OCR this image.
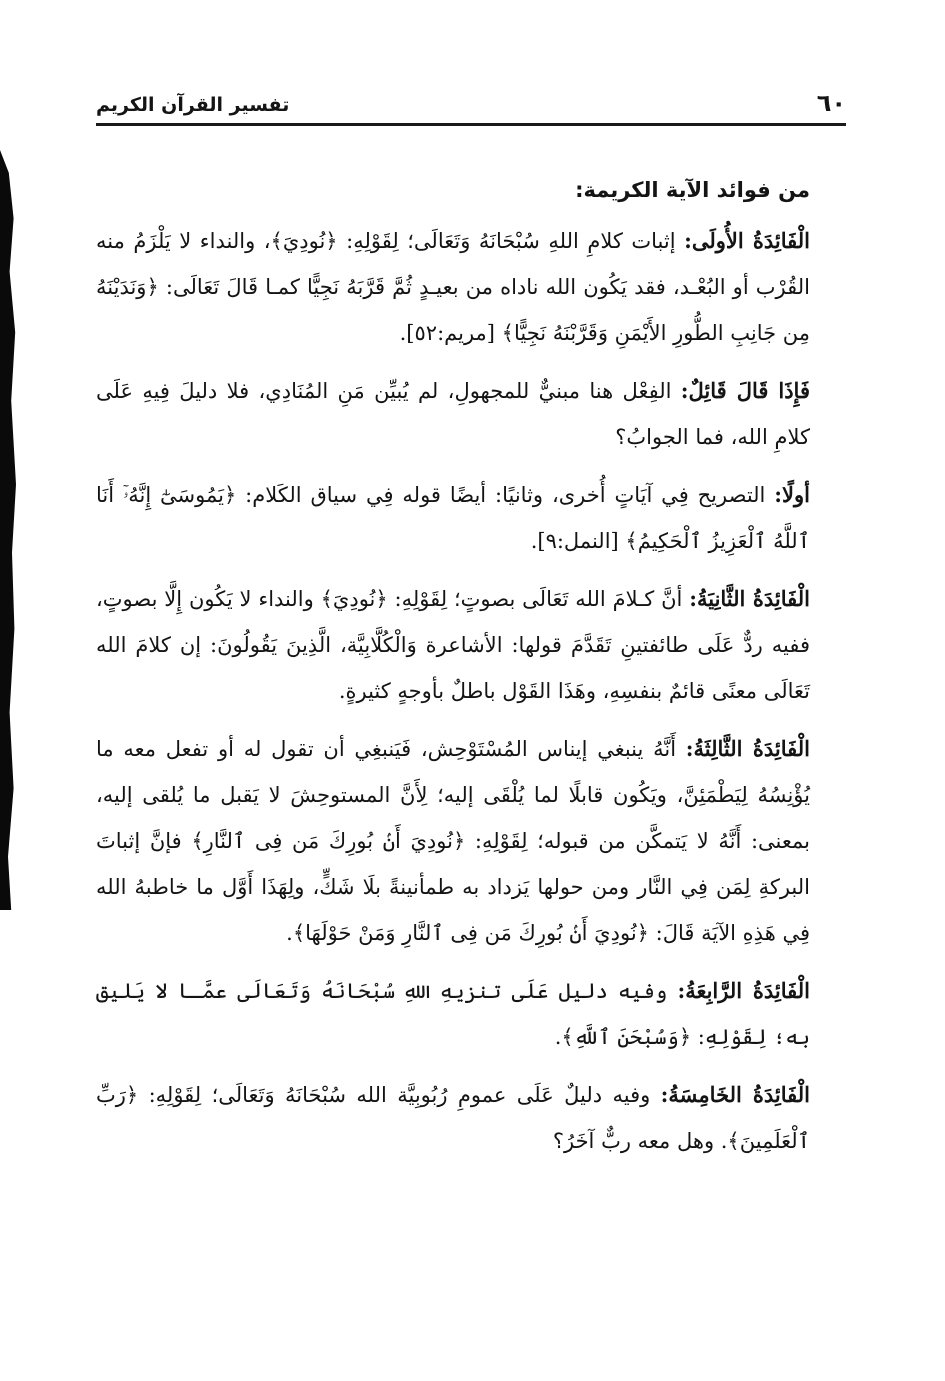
٦٠
تفسير القرآن الكريم
من فوائد الآية الكريمة:

الْفَائِدَةُ الأُولَى: إثبات كلامِ اللهِ سُبْحَانَهُ وَتَعَالَى؛ لِقَوْلِهِ: ﴿نُودِيَ﴾، والنداء لا يَلْزَمُ منه القُرْب أو البُعْـد، فقد يَكُون الله ناداه من بعيـدٍ ثُمَّ قَرَّبَهُ نَجِيًّا كمـا قَالَ تَعَالَى: ﴿وَنَدَيْنَهُ مِن جَانِبِ الطُّورِ الأَيْمَنِ وَقَرَّبْنَهُ نَجِيًّا﴾ [مريم:٥٢].

فَإِذَا قَالَ قَائِلٌ: الفِعْل هنا مبنيٌّ للمجهولِ، لم يُبيِّن مَنِ المُنَادِي، فلا دليلَ فِيهِ عَلَى كلامِ الله، فما الجوابُ؟

أولًا: التصريح فِي آيَاتٍ أُخرى، وثانيًا: أيضًا قوله فِي سياق الكَلام: ﴿يَمُوسَىٰٓ إِنَّهُۥٓ أَنَا ٱللَّهُ ٱلْعَزِيزُ ٱلْحَكِيمُ﴾ [النمل:٩].

الْفَائِدَةُ الثَّانِيَةُ: أنَّ كـلامَ الله تَعَالَى بصوتٍ؛ لِقَوْلِهِ: ﴿نُودِيَ﴾ والنداء لا يَكُون إِلَّا بصوتٍ، ففيه ردٌّ عَلَى طائفتينِ تَقَدَّمَ قولها: الأشاعرة وَالْكُلَّابِيَّة، الَّذِينَ يَقُولُونَ: إن كلامَ الله تَعَالَى معنًى قائمٌ بنفسِهِ، وهَذَا القَوْل باطلٌ بأوجهٍ كثيرةٍ.

الْفَائِدَةُ الثَّالِثَةُ: أَنَّهُ ينبغي إيناس المُسْتَوْحِش، فَيَنبغِي أن تقول له أو تفعل معه ما يُؤْنِسُهُ لِيَطْمَئِنَّ، ويَكُون قابلًا لما يُلْقَى إليه؛ لِأَنَّ المستوحِشَ لا يَقبل ما يُلقى إليه، بمعنى: أَنَّهُ لا يَتمكَّن من قبوله؛ لِقَوْلِهِ: ﴿نُودِيَ أَنۢ بُورِكَ مَن فِى ٱلنَّارِ﴾ فإنَّ إثباتَ البركةِ لِمَن فِي النَّار ومن حولها يَزداد به طمأنينةً بلَا شَكٍّ، ولِهَذَا أَوَّل ما خاطبهُ الله فِي هَذِهِ الآيَة قَالَ: ﴿نُودِيَ أَنۢ بُورِكَ مَن فِى ٱلنَّارِ وَمَنْ حَوْلَهَا﴾.

الْفَائِدَةُ الرَّابِعَةُ: وفيه دليل عَلَى تنزيهِ اللهِ سُبْحَانَهُ وَتَعَالَى عمَّـا لا يَليق به؛ لِقَوْلِهِ: ﴿وَسُبْحَنَ ٱللَّهِ﴾.

الْفَائِدَةُ الخَامِسَةُ: وفيه دليلٌ عَلَى عمومِ رُبُوبِيَّة الله سُبْحَانَهُ وَتَعَالَى؛ لِقَوْلِهِ: ﴿رَبِّ ٱلْعَلَمِينَ﴾. وهل معه ربٌّ آخَرُ؟
